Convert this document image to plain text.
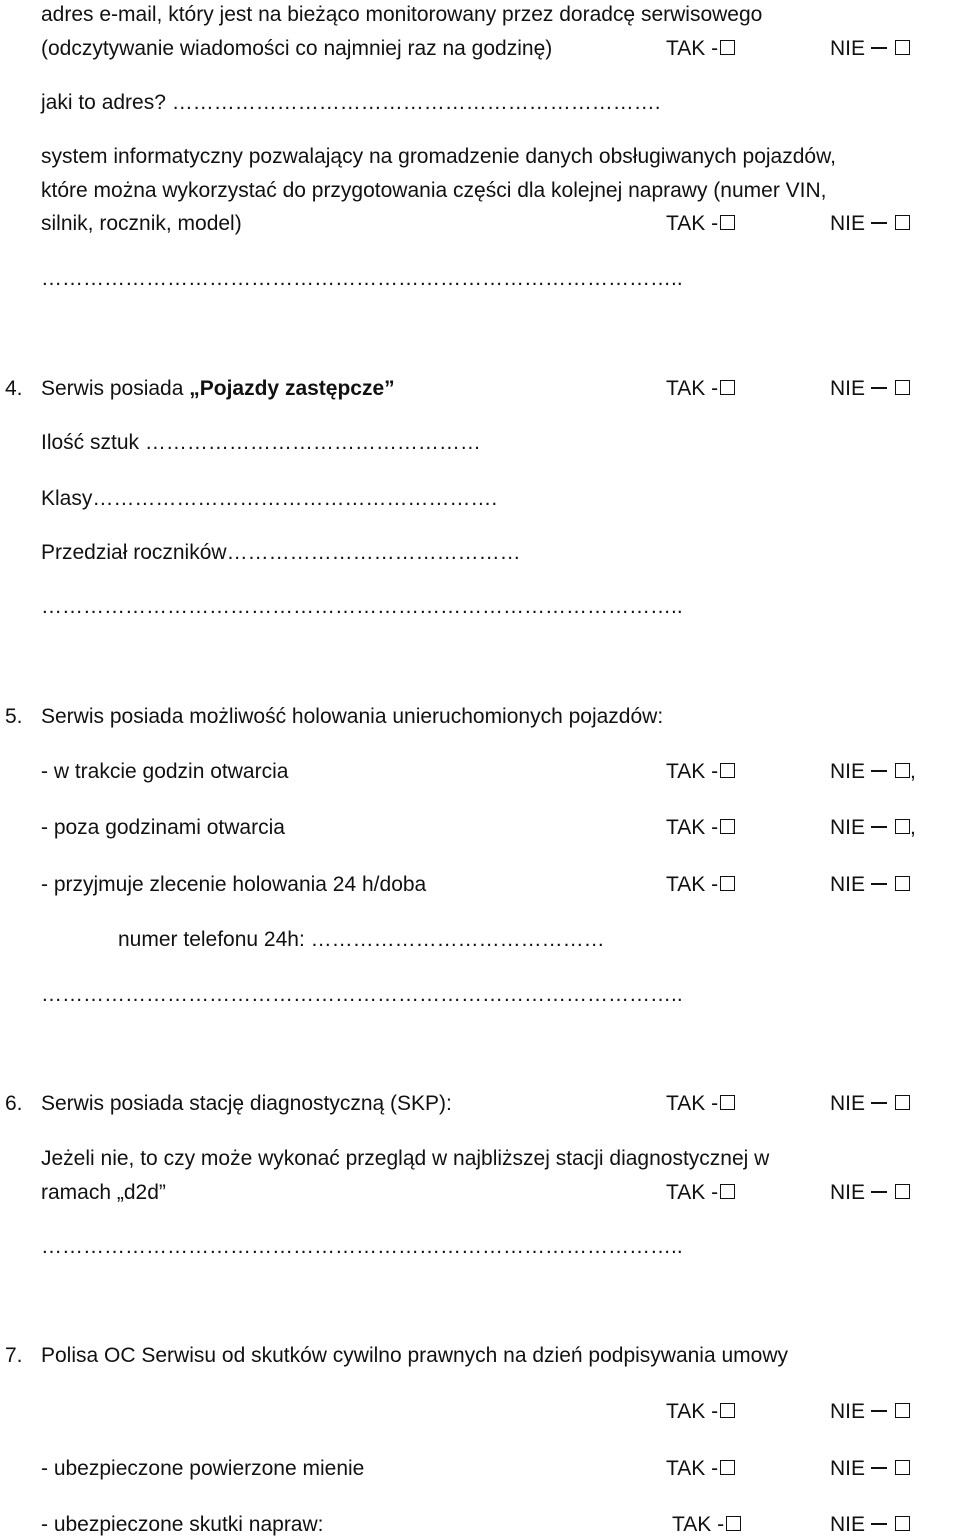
adres e-mail, który jest na bieżąco monitorowany przez doradcę serwisowego
(odczytywanie wiadomości co najmniej raz na godzinę)	TAK -	NIE
jaki to adres? …………………………………………………………….
system informatyczny pozwalający na gromadzenie danych obsługiwanych pojazdów,
które można wykorzystać do przygotowania części dla kolejnej naprawy (numer VIN,
silnik, rocznik, model)	TAK -	NIE
………………………………………………………………………………..
4. Serwis posiada „Pojazdy zastępcze”	TAK -	NIE
Ilość sztuk …………………………………………
Klasy………………………………………………….
Przedział roczników……………………………………
………………………………………………………………………………..
5. Serwis posiada możliwość holowania unieruchomionych pojazdów:
- w trakcie godzin otwarcia	TAK -	NIE ,
- poza godzinami otwarcia	TAK -	NIE ,
- przyjmuje zlecenie holowania 24 h/doba	TAK -	NIE
numer telefonu 24h: ……………………………………
………………………………………………………………………………..
6. Serwis posiada stację diagnostyczną (SKP):	TAK -	NIE
Jeżeli nie, to czy może wykonać przegląd w najbliższej stacji diagnostycznej w
ramach „d2d”	TAK -	NIE
………………………………………………………………………………..
7. Polisa OC Serwisu od skutków cywilno prawnych na dzień podpisywania umowy
TAK -	NIE
- ubezpieczone powierzone mienie	TAK -	NIE
- ubezpieczone skutki napraw:	TAK -	NIE
